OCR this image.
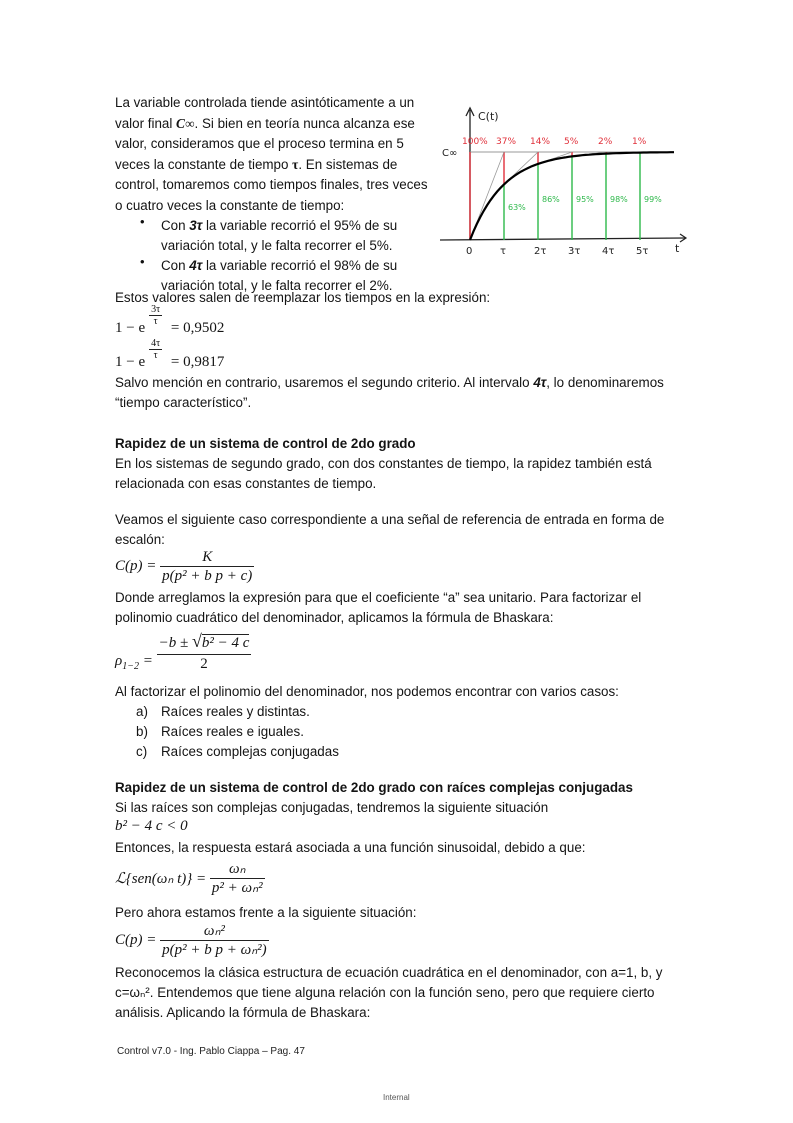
La variable controlada tiende asintóticamente a un
valor final C∞. Si bien en teoría nunca alcanza ese
valor, consideramos que el proceso termina en 5
veces la constante de tiempo τ. En sistemas de
control, tomaremos como tiempos finales, tres veces
o cuatro veces la constante de tiempo:
• Con 3τ la variable recorrió el 95% de su
variación total, y le falta recorrer el 5%.
• Con 4τ la variable recorrió el 98% de su
variación total, y le falta recorrer el 2%.
C(t)
t
C∞
0
100%
τ
37%
63%
2τ
14%
86%
3τ
5%
95%
4τ
2%
98%
5τ
1%
99%
Estos valores salen de reemplazar los tiempos en la expresión:
1 − e
3τ
τ = 0,9502
1 − e
4τ
τ = 0,9817
Salvo mención en contrario, usaremos el segundo criterio. Al intervalo 4τ, lo denominaremos
“tiempo característico”.
Rapidez de un sistema de control de 2do grado
En los sistemas de segundo grado, con dos constantes de tiempo, la rapidez también está
relacionada con esas constantes de tiempo.
Veamos el siguiente caso correspondiente a una señal de referencia de entrada en forma de
escalón:
$C(p) = \frac{K}{\text{p(p² + b p + c)}}$
Donde arreglamos la expresión para que el coeficiente “a” sea unitario. Para factorizar el
polinomio cuadrático del denominador, aplicamos la fórmula de Bhaskara:
$\rho_{1-2} = \frac{\text{−b ± √b² − 4 c}}{2}$
Al factorizar el polinomio del denominador, nos podemos encontrar con varios casos:
a) Raíces reales y distintas.
b) Raíces reales e iguales.
c) Raíces complejas conjugadas
Rapidez de un sistema de control de 2do grado con raíces complejas conjugadas
Si las raíces son complejas conjugadas, tendremos la siguiente situación
b² − 4 c < 0
Entonces, la respuesta estará asociada a una función sinusoidal, debido a que:
ℒ{sen(ωₙ $t)\} = \frac{\text{ωₙ}}{\text{p² + ωₙ²}}$
Pero ahora estamos frente a la siguiente situación:
$C(p) = \frac{\text{ωₙ²}}{\text{p(p² + b p + ωₙ²)}}$
Reconocemos la clásica estructura de ecuación cuadrática en el denominador, con a=1, b, y
c=ωₙ². Entendemos que tiene alguna relación con la función seno, pero que requiere cierto
análisis. Aplicando la fórmula de Bhaskara:
Control v7.0 - Ing. Pablo Ciappa – Pag. 47
Internal
